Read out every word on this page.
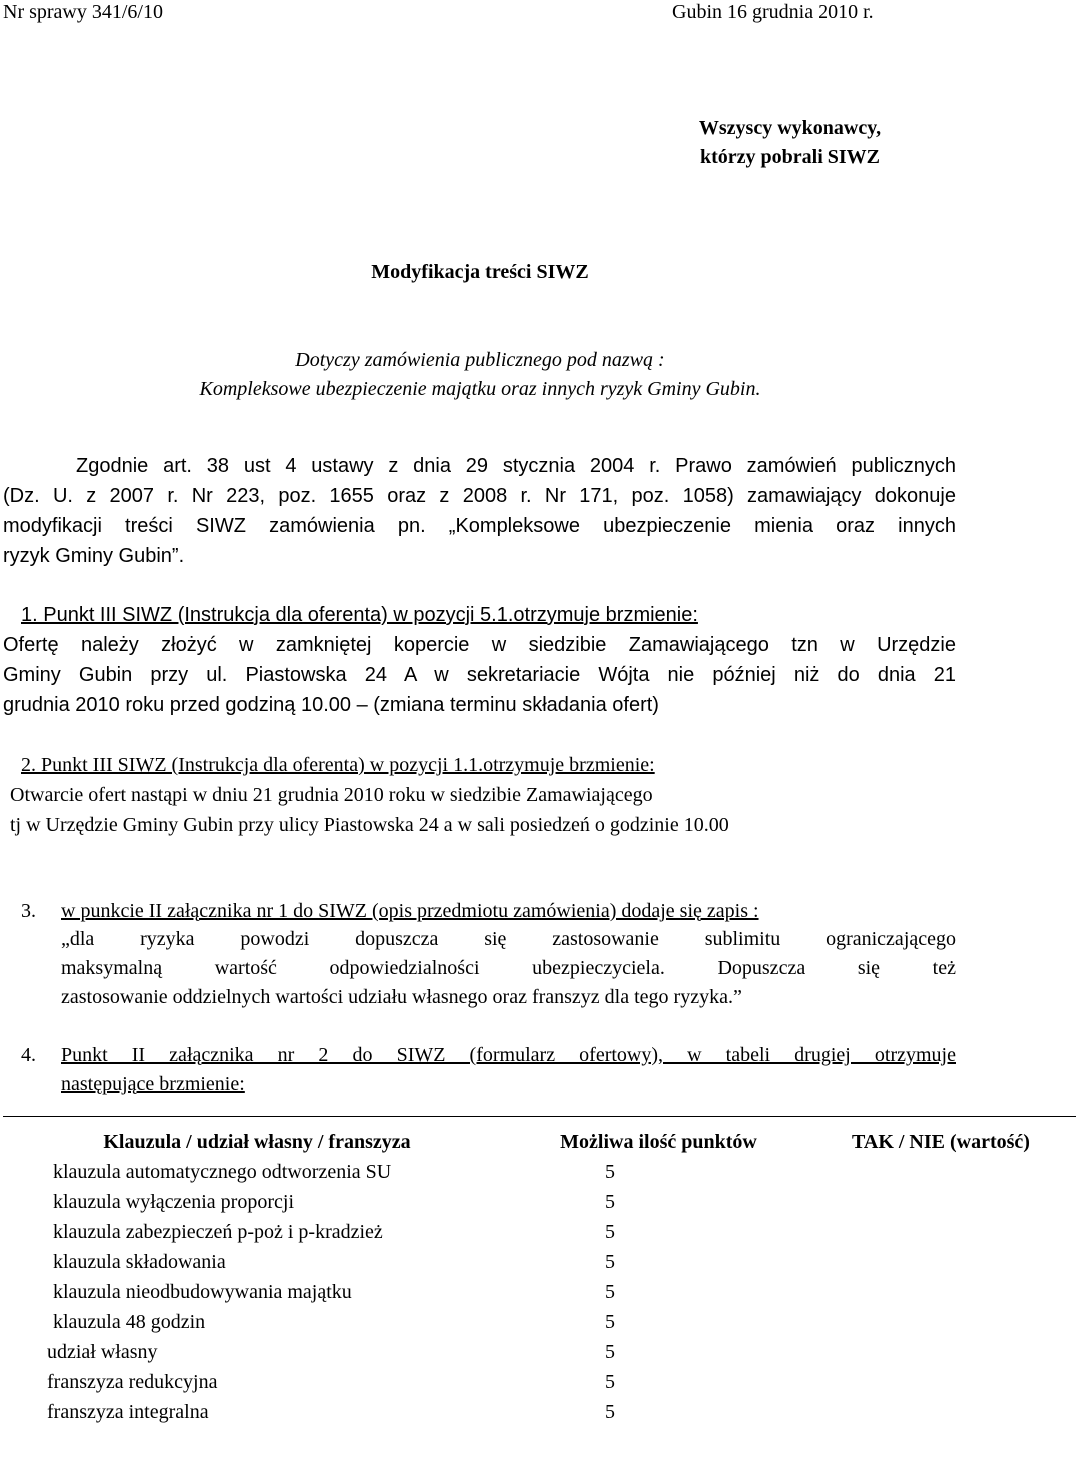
Nr sprawy 341/6/10	Gubin 16 grudnia 2010 r.
Wszyscy wykonawcy,
którzy pobrali SIWZ
Modyfikacja treści SIWZ
Dotyczy zamówienia publicznego pod nazwą :
Kompleksowe ubezpieczenie majątku oraz innych ryzyk Gminy Gubin.
Zgodnie art. 38 ust 4 ustawy z dnia 29 stycznia 2004 r. Prawo zamówień publicznych
(Dz. U. z 2007 r. Nr 223, poz. 1655 oraz z 2008 r. Nr 171, poz. 1058) zamawiający dokonuje
modyfikacji treści SIWZ zamówienia pn. „Kompleksowe ubezpieczenie mienia oraz innych
ryzyk Gminy Gubin”.
1. Punkt III SIWZ (Instrukcja dla oferenta) w pozycji 5.1.otrzymuje brzmienie:
Ofertę należy złożyć w zamkniętej kopercie w siedzibie Zamawiającego tzn w Urzędzie
Gminy Gubin przy ul. Piastowska 24 A w sekretariacie Wójta nie później niż do dnia 21
grudnia 2010 roku przed godziną 10.00 – (zmiana terminu składania ofert)
2. Punkt III SIWZ (Instrukcja dla oferenta) w pozycji 1.1.otrzymuje brzmienie:
Otwarcie ofert nastąpi w dniu 21 grudnia 2010 roku w siedzibie Zamawiającego
tj w Urzędzie Gminy Gubin przy ulicy Piastowska 24 a w sali posiedzeń o godzinie 10.00
3. w punkcie II załącznika nr 1 do SIWZ (opis przedmiotu zamówienia) dodaje się zapis :
„dla ryzyka powodzi dopuszcza się zastosowanie sublimitu ograniczającego
maksymalną wartość odpowiedzialności ubezpieczyciela. Dopuszcza się też
zastosowanie oddzielnych wartości udziału własnego oraz franszyz dla tego ryzyka.”
4. Punkt II załącznika nr 2 do SIWZ (formularz ofertowy), w tabeli drugiej otrzymuje
następujące brzmienie:
Klauzula / udział własny / franszyza	Możliwa ilość punktów	TAK / NIE (wartość)
klauzula automatycznego odtworzenia SU	5	
klauzula wyłączenia proporcji	5	
klauzula zabezpieczeń p-poż i p-kradzież	5	
klauzula składowania	5	
klauzula nieodbudowywania majątku	5	
klauzula 48 godzin	5	
udział własny	5	
franszyza redukcyjna	5	
franszyza integralna	5	
